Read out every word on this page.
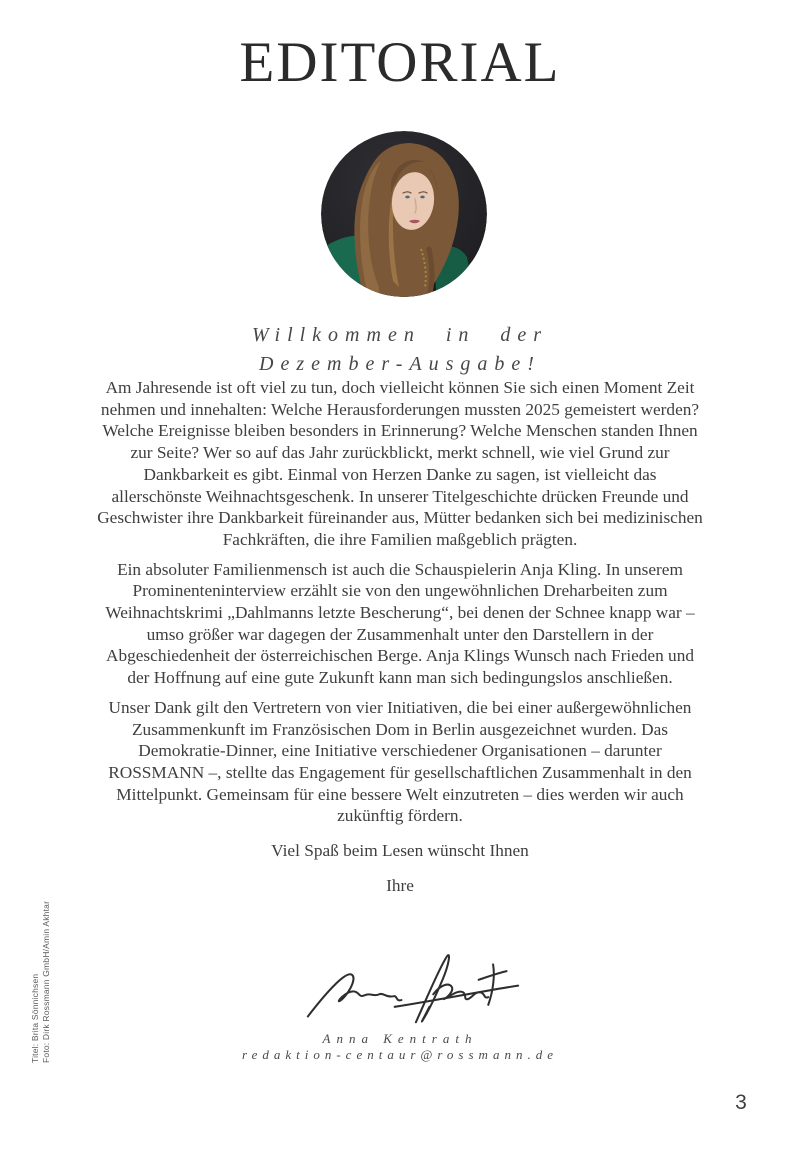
EDITORIAL
Willkommen in der
Dezember-Ausgabe!

Am Jahresende ist oft viel zu tun, doch vielleicht können Sie sich einen Moment Zeit nehmen und innehalten: Welche Herausforderungen mussten 2025 gemeistert werden? Welche Ereignisse bleiben besonders in Erinnerung? Welche Menschen standen Ihnen zur Seite? Wer so auf das Jahr zurückblickt, merkt schnell, wie viel Grund zur Dankbarkeit es gibt. Einmal von Herzen Danke zu sagen, ist vielleicht das allerschönste Weihnachtsgeschenk. In unserer Titelgeschichte drücken Freunde und Geschwister ihre Dankbarkeit füreinander aus, Mütter bedanken sich bei medizinischen Fachkräften, die ihre Familien maßgeblich prägten.

Ein absoluter Familienmensch ist auch die Schauspielerin Anja Kling. In unserem Prominenteninterview erzählt sie von den ungewöhnlichen Dreharbeiten zum Weihnachtskrimi „Dahlmanns letzte Bescherung“, bei denen der Schnee knapp war – umso größer war dagegen der Zusammenhalt unter den Darstellern in der Abgeschiedenheit der österreichischen Berge. Anja Klings Wunsch nach Frieden und der Hoffnung auf eine gute Zukunft kann man sich bedingungslos anschließen.

Unser Dank gilt den Vertretern von vier Initiativen, die bei einer außergewöhnlichen Zusammenkunft im Französischen Dom in Berlin ausgezeichnet wurden. Das Demokratie-Dinner, eine Initiative verschiedener Organisationen – darunter ROSSMANN –, stellte das Engagement für gesellschaftlichen Zusammenhalt in den Mittelpunkt. Gemeinsam für eine bessere Welt einzutreten – dies werden wir auch zukünftig fördern.

Viel Spaß beim Lesen wünscht Ihnen

Ihre

Anna Kentrath
redaktion-centaur@rossmann.de
3
Titel: Brita Sönnichsen Foto: Dirk Rossmann GmbH/Amin Akhtar
